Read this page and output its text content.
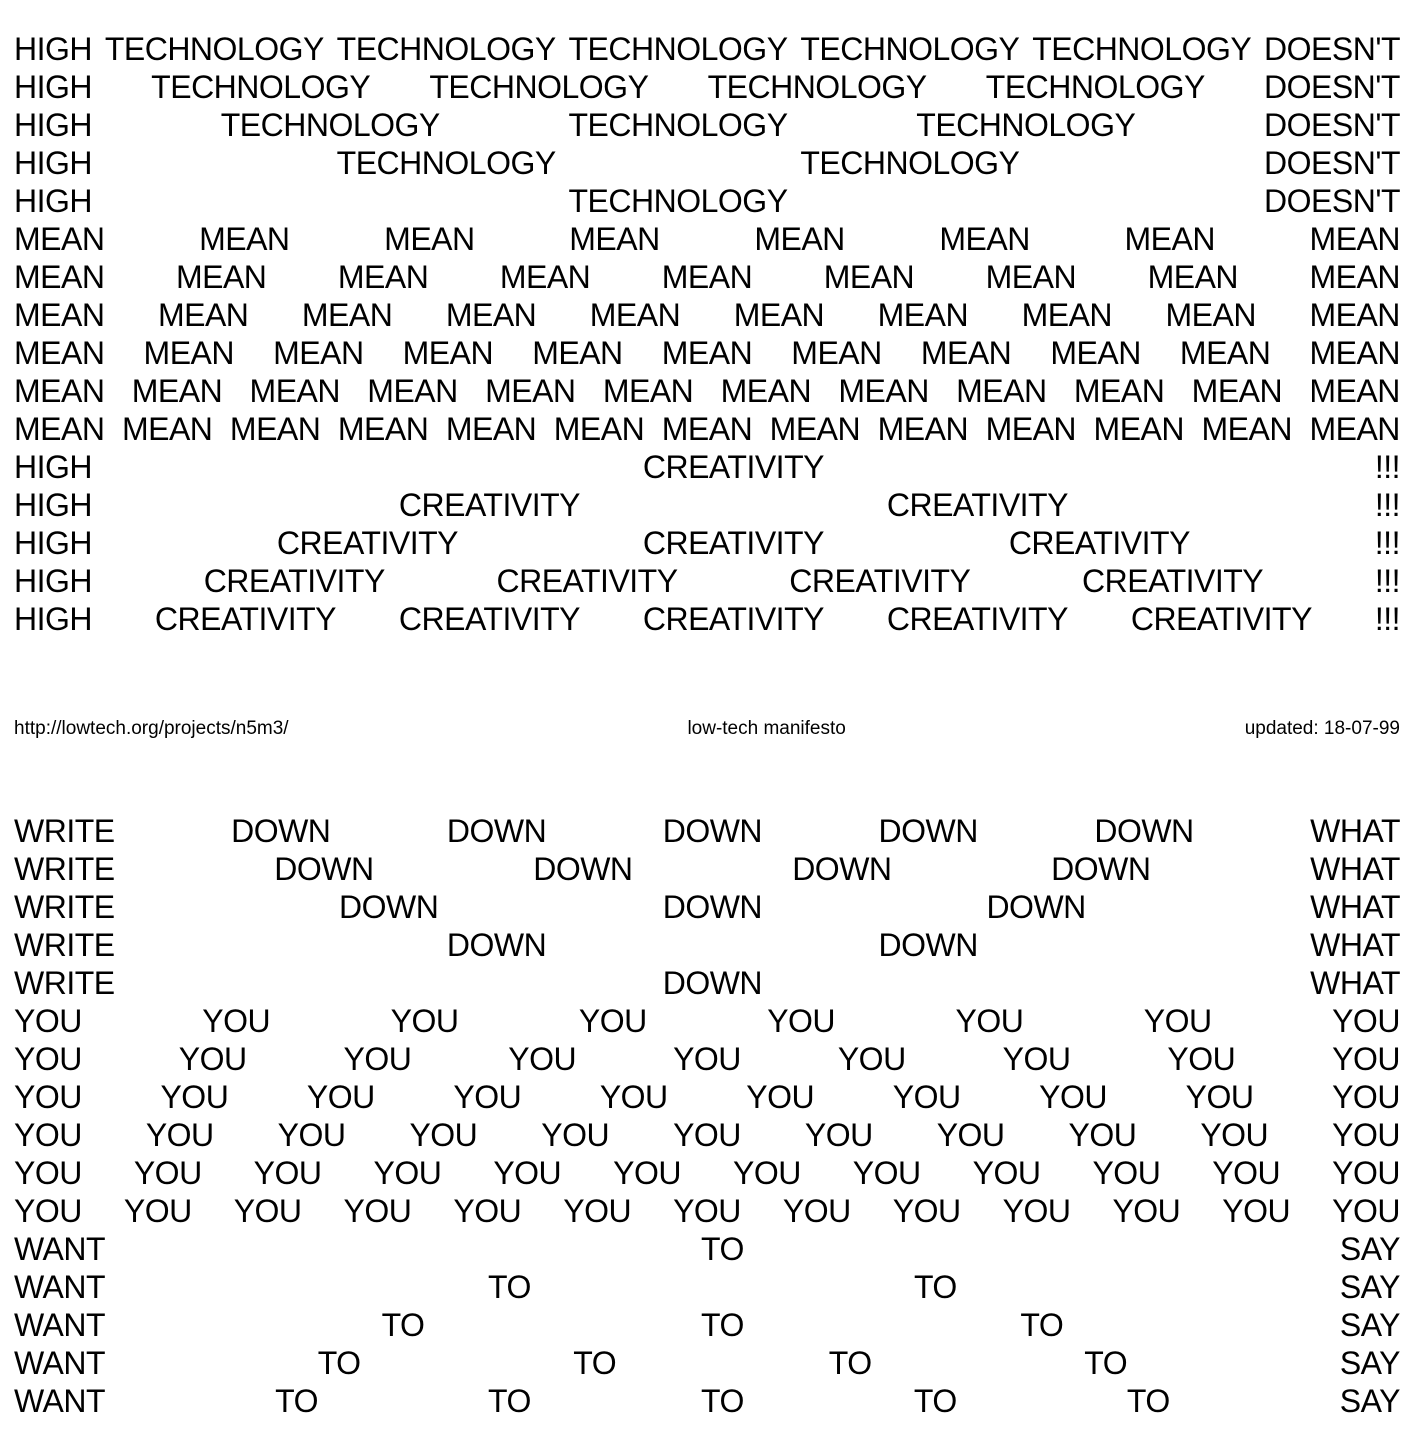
HIGH TECHNOLOGY TECHNOLOGY TECHNOLOGY TECHNOLOGY TECHNOLOGY DOESN'T
HIGH TECHNOLOGY TECHNOLOGY TECHNOLOGY TECHNOLOGY DOESN'T
HIGH	TECHNOLOGY	TECHNOLOGY	TECHNOLOGY	DOESN'T
HIGH	TECHNOLOGY	TECHNOLOGY	DOESN'T
HIGH	TECHNOLOGY	DOESN'T
MEAN	MEAN	MEAN	MEAN	MEAN	MEAN	MEAN	MEAN
MEAN MEAN MEAN MEAN MEAN MEAN MEAN MEAN MEAN
MEAN MEAN MEAN MEAN MEAN MEAN MEAN MEAN MEAN MEAN
MEAN MEAN MEAN MEAN MEAN MEAN MEAN MEAN MEAN MEAN MEAN
MEAN MEAN MEAN MEAN MEAN MEAN MEAN MEAN MEAN MEAN MEAN MEAN
MEAN MEAN MEAN MEAN MEAN MEAN MEAN MEAN MEAN MEAN MEAN MEAN MEAN
HIGH	CREATIVITY	!!!
HIGH	CREATIVITY	CREATIVITY	!!!
HIGH	CREATIVITY	CREATIVITY	CREATIVITY	!!!
HIGH	CREATIVITY	CREATIVITY	CREATIVITY	CREATIVITY	!!!
HIGH CREATIVITY CREATIVITY CREATIVITY CREATIVITY CREATIVITY !!!
http://lowtech.org/projects/n5m3/	low-tech manifesto	updated: 18-07-99
WRITE	DOWN	DOWN	DOWN	DOWN	DOWN	WHAT
WRITE	DOWN	DOWN	DOWN	DOWN	WHAT
WRITE	DOWN	DOWN	DOWN	WHAT
WRITE	DOWN	DOWN	WHAT
WRITE	DOWN	WHAT
YOU	YOU	YOU	YOU	YOU	YOU	YOU	YOU
YOU	YOU	YOU	YOU	YOU	YOU	YOU	YOU	YOU
YOU YOU YOU YOU YOU YOU YOU YOU YOU YOU
YOU YOU YOU YOU YOU YOU YOU YOU YOU YOU YOU
YOU YOU YOU YOU YOU YOU YOU YOU YOU YOU YOU YOU
YOU YOU YOU YOU YOU YOU YOU YOU YOU YOU YOU YOU YOU
WANT	TO	SAY
WANT	TO	TO	SAY
WANT	TO	TO	TO	SAY
WANT	TO	TO	TO	TO	SAY
WANT	TO	TO	TO	TO	TO	SAY
